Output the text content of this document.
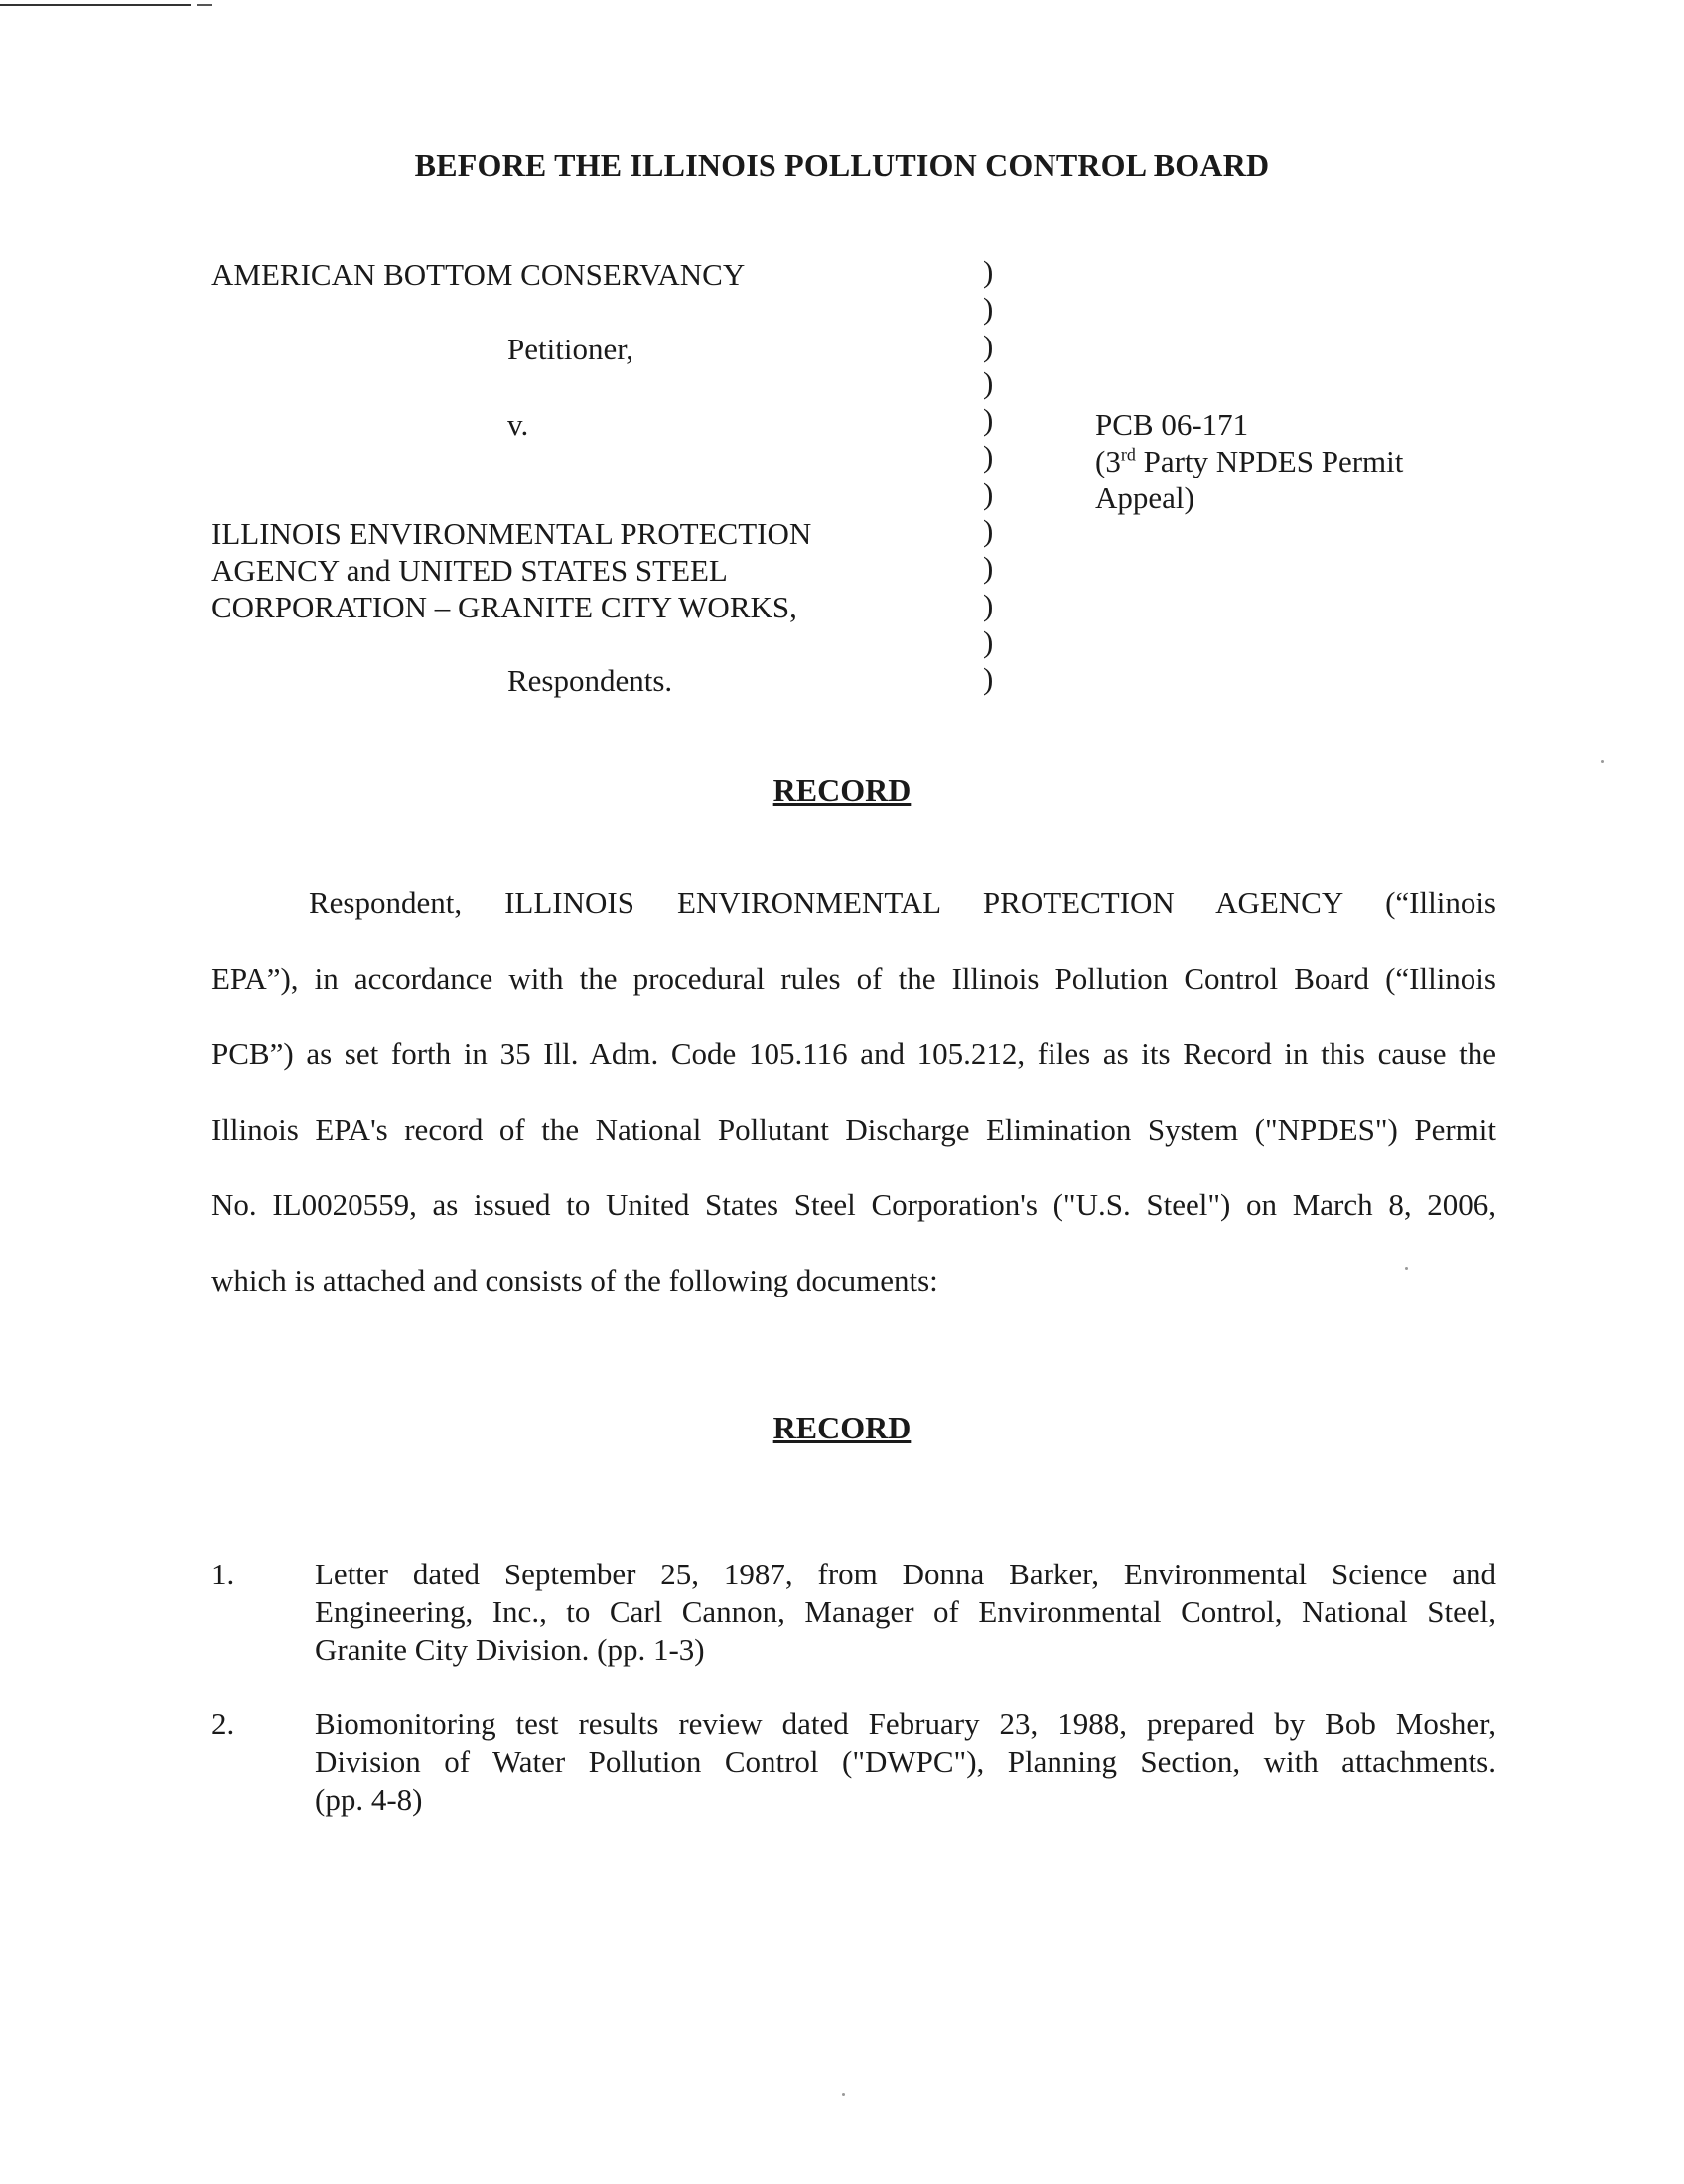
BEFORE THE ILLINOIS POLLUTION CONTROL BOARD
AMERICAN BOTTOM CONSERVANCY
Petitioner,
v.
ILLINOIS ENVIRONMENTAL PROTECTION
AGENCY and UNITED STATES STEEL
CORPORATION – GRANITE CITY WORKS,
Respondents.
)
)
)
)
)
)
)
)
)
)
)
)
PCB 06-171
(3rd Party NPDES Permit
Appeal)
RECORD
Respondent, ILLINOIS ENVIRONMENTAL PROTECTION AGENCY (“Illinois
EPA”), in accordance with the procedural rules of the Illinois Pollution Control Board (“Illinois
PCB”) as set forth in 35 Ill. Adm. Code 105.116 and 105.212, files as its Record in this cause the
Illinois EPA's record of the National Pollutant Discharge Elimination System ("NPDES") Permit
No. IL0020559, as issued to United States Steel Corporation's ("U.S. Steel") on March 8, 2006,
which is attached and consists of the following documents:
RECORD
1.	Letter dated September 25, 1987, from Donna Barker, Environmental Science and
Engineering, Inc., to Carl Cannon, Manager of Environmental Control, National Steel,
Granite City Division. (pp. 1-3)
2.	Biomonitoring test results review dated February 23, 1988, prepared by Bob Mosher,
Division of Water Pollution Control ("DWPC"), Planning Section, with attachments.
(pp. 4-8)
